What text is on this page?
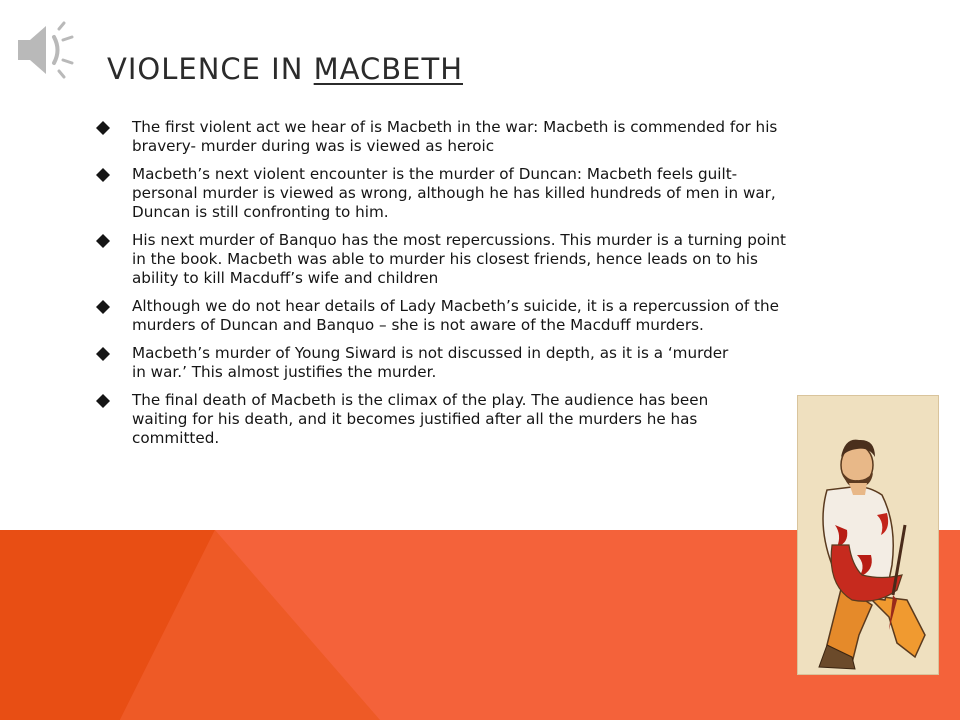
VIOLENCE IN MACBETH
The first violent act we hear of is Macbeth in the war: Macbeth is commended for his
bravery- murder during was is viewed as heroic
Macbeth’s next violent encounter is the murder of Duncan: Macbeth feels guilt-
personal murder is viewed as wrong, although he has killed hundreds of men in war,
Duncan is still confronting to him.
His next murder of Banquo has the most repercussions. This murder is a turning point
in the book. Macbeth was able to murder his closest friends, hence leads on to his
ability to kill Macduff’s wife and children
Although we do not hear details of Lady Macbeth’s suicide, it is a repercussion of the
murders of Duncan and Banquo – she is not aware of the Macduff murders.
Macbeth’s murder of Young Siward is not discussed in depth, as it is a ‘murder
in war.’ This almost justifies the murder.
The final death of Macbeth is the climax of the play. The audience has been
waiting for his death, and it becomes justified after all the murders he has
committed.
